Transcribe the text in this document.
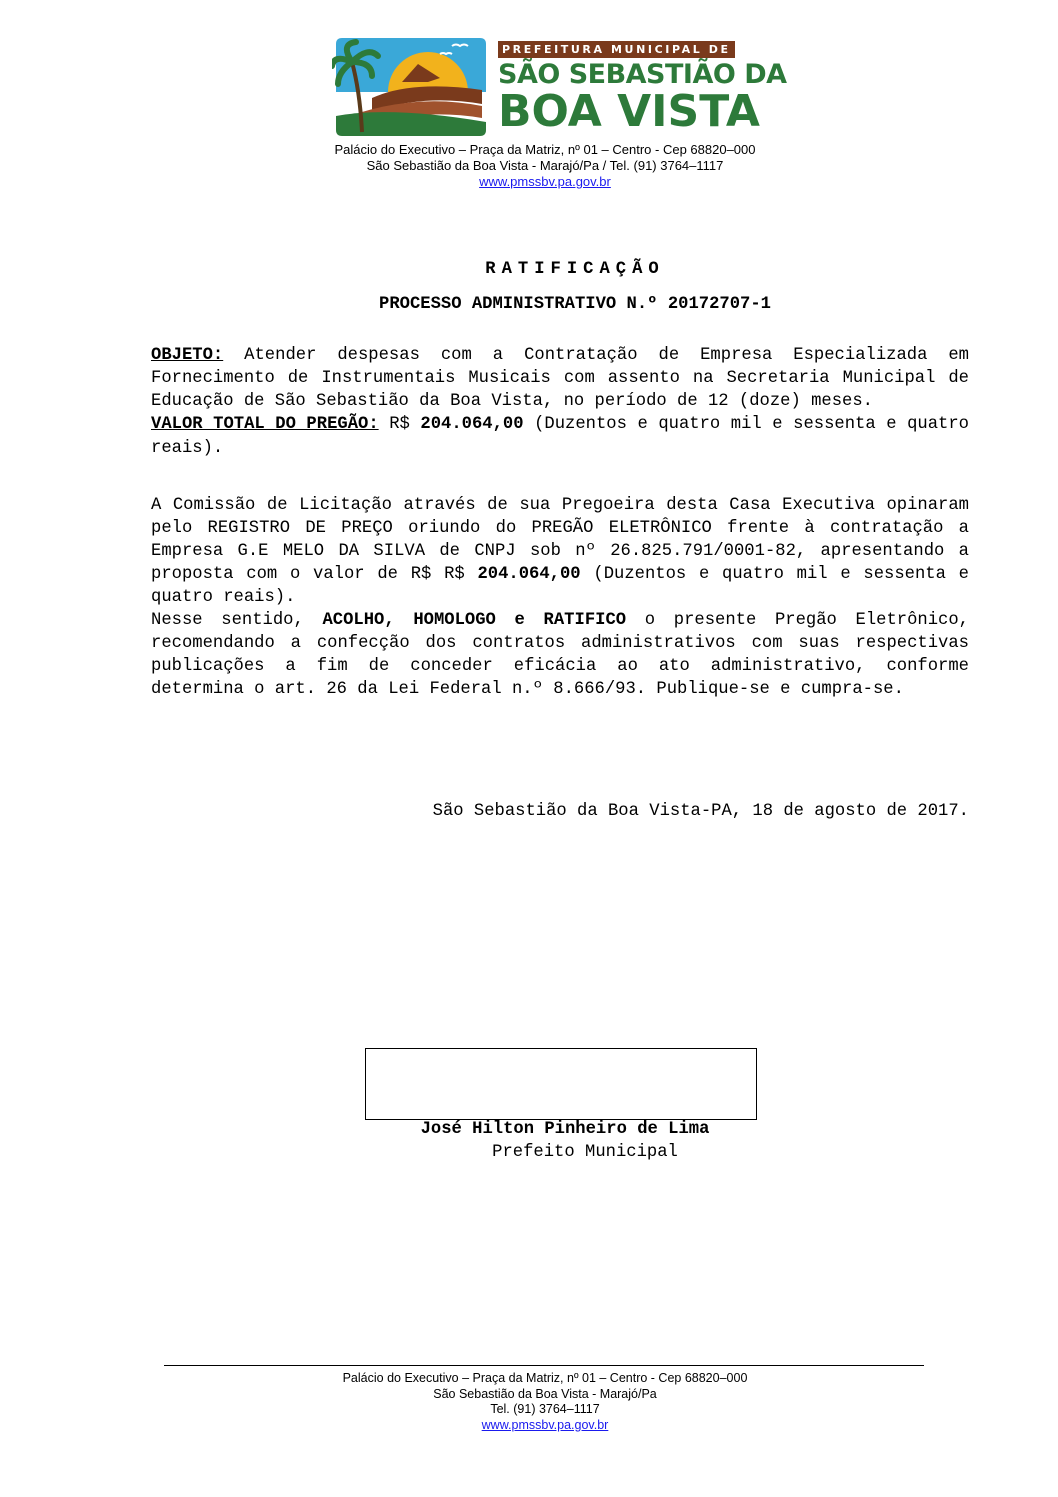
PREFEITURA MUNICIPAL DE
SÃO SEBASTIÃO DA
BOA VISTA
Palácio do Executivo – Praça da Matriz, nº 01 – Centro - Cep 68820–000
São Sebastião da Boa Vista - Marajó/Pa / Tel. (91) 3764–1117
www.pmssbv.pa.gov.br
RATIFICAÇÃO
PROCESSO ADMINISTRATIVO N.º 20172707-1

OBJETO: Atender despesas com a Contratação de Empresa Especializada em Fornecimento de Instrumentais Musicais com assento na Secretaria Municipal de Educação de São Sebastião da Boa Vista, no período de 12 (doze) meses.
VALOR TOTAL DO PREGÃO: R$ 204.064,00 (Duzentos e quatro mil e sessenta e quatro reais).

A Comissão de Licitação através de sua Pregoeira desta Casa Executiva opinaram pelo REGISTRO DE PREÇO oriundo do PREGÃO ELETRÔNICO frente à contratação a Empresa G.E MELO DA SILVA de CNPJ sob nº 26.825.791/0001-82, apresentando a proposta com o valor de R$ R$ 204.064,00 (Duzentos e quatro mil e sessenta e quatro reais).
Nesse sentido, ACOLHO, HOMOLOGO e RATIFICO o presente Pregão Eletrônico, recomendando a confecção dos contratos administrativos com suas respectivas publicações a fim de conceder eficácia ao ato administrativo, conforme determina o art. 26 da Lei Federal n.º 8.666/93. Publique-se e cumpra-se.

São Sebastião da Boa Vista-PA, 18 de agosto de 2017.
José Hilton Pinheiro de Lima
Prefeito Municipal
Palácio do Executivo – Praça da Matriz, nº 01 – Centro - Cep 68820–000
São Sebastião da Boa Vista - Marajó/Pa
Tel. (91) 3764–1117
www.pmssbv.pa.gov.br
